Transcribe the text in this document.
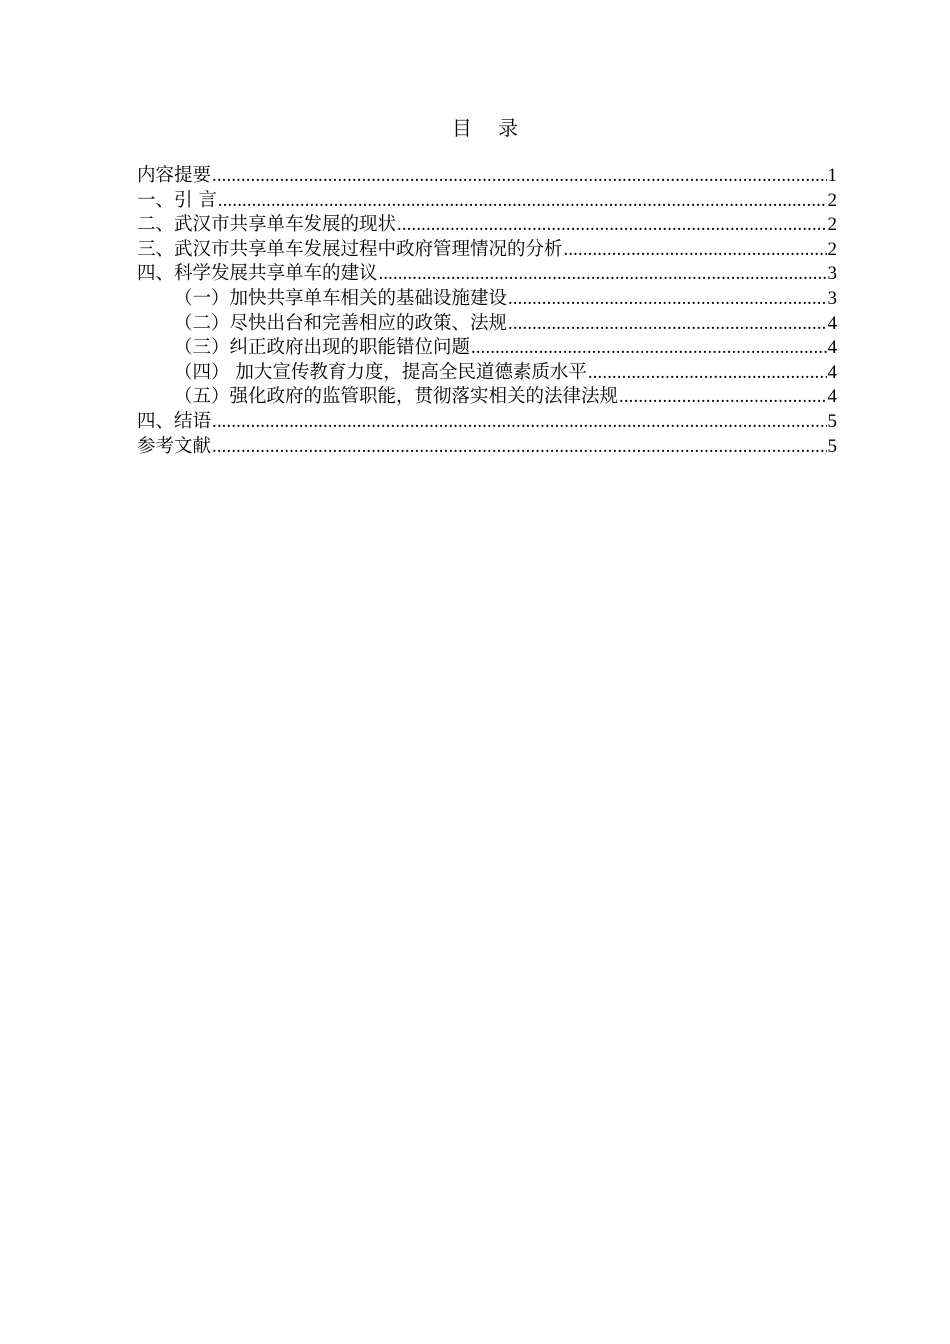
目 录
内容提要 .....	1
一、引 言 .....	2
二、武汉市共享单车发展的现状 .....	2
三、武汉市共享单车发展过程中政府管理情况的分析 .....	2
四、科学发展共享单车的建议 .....	3
（一）加快共享单车相关的基础设施建设 .....	3
（二）尽快出台和完善相应的政策、法规 .....	4
（三）纠正政府出现的职能错位问题 .....	4
（四） 加大宣传教育力度，提高全民道德素质水平 .....	4
（五）强化政府的监管职能，贯彻落实相关的法律法规 .....	4
四、结语 .....	5
参考文献 .....	5
